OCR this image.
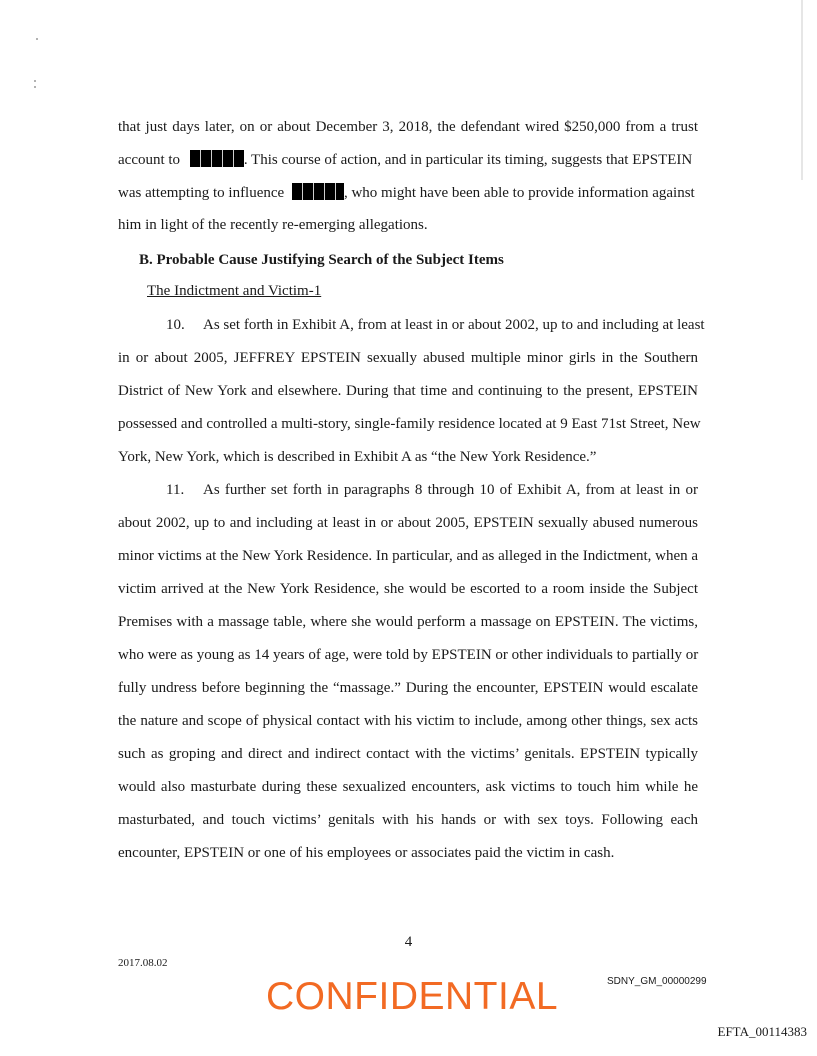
that just days later, on or about December 3, 2018, the defendant wired $250,000 from a trust
account to	. This course of action, and in particular its timing, suggests that EPSTEIN
was attempting to influence	, who might have been able to provide information against
him in light of the recently re-emerging allegations.
B. Probable Cause Justifying Search of the Subject Items
The Indictment and Victim-1
10. As set forth in Exhibit A, from at least in or about 2002, up to and including at least
in or about 2005, JEFFREY EPSTEIN sexually abused multiple minor girls in the Southern
District of New York and elsewhere. During that time and continuing to the present, EPSTEIN
possessed and controlled a multi-story, single-family residence located at 9 East 71st Street, New
York, New York, which is described in Exhibit A as “the New York Residence.”
11. As further set forth in paragraphs 8 through 10 of Exhibit A, from at least in or
about 2002, up to and including at least in or about 2005, EPSTEIN sexually abused numerous
minor victims at the New York Residence. In particular, and as alleged in the Indictment, when a
victim arrived at the New York Residence, she would be escorted to a room inside the Subject
Premises with a massage table, where she would perform a massage on EPSTEIN. The victims,
who were as young as 14 years of age, were told by EPSTEIN or other individuals to partially or
fully undress before beginning the “massage.” During the encounter, EPSTEIN would escalate
the nature and scope of physical contact with his victim to include, among other things, sex acts
such as groping and direct and indirect contact with the victims’ genitals. EPSTEIN typically
would also masturbate during these sexualized encounters, ask victims to touch him while he
masturbated, and touch victims’ genitals with his hands or with sex toys. Following each
encounter, EPSTEIN or one of his employees or associates paid the victim in cash.
4
2017.08.02
CONFIDENTIAL	SDNY_GM_00000299
EFTA_00114383
